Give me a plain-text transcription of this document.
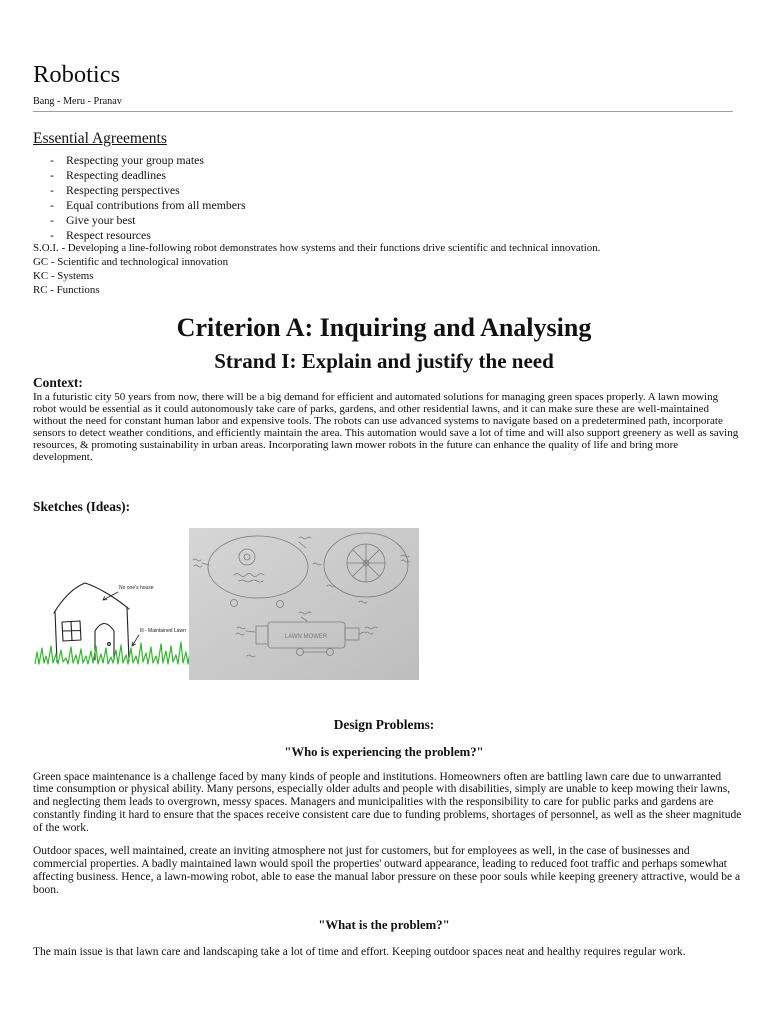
Robotics
Bang - Meru - Pranav
Essential Agreements
- Respecting your group mates
- Respecting deadlines
- Respecting perspectives
- Equal contributions from all members
- Give your best
- Respect resources
S.O.I. - Developing a line-following robot demonstrates how systems and their functions drive scientific and technical innovation.
GC - Scientific and technological innovation
KC - Systems
RC - Functions
Criterion A: Inquiring and Analysing
Strand I: Explain and justify the need
Context:
In a futuristic city 50 years from now, there will be a big demand for efficient and automated solutions for managing green spaces properly. A lawn mowing
robot would be essential as it could autonomously take care of parks, gardens, and other residential lawns, and it can make sure these are well-maintained
without the need for constant human labor and expensive tools. The robots can use advanced systems to navigate based on a predetermined path, incorporate
sensors to detect weather conditions, and efficiently maintain the area. This automation would save a lot of time and will also support greenery as well as saving
resources, & promoting sustainability in urban areas. Incorporating lawn mower robots in the future can enhance the quality of life and bring more
development.
Sketches (Ideas):
No one's house
Ill - Maintained Lawn
LAWN MOWER
Design Problems:
"Who is experiencing the problem?"
Green space maintenance is a challenge faced by many kinds of people and institutions. Homeowners often are battling lawn care due to unwarranted
time consumption or physical ability. Many persons, especially older adults and people with disabilities, simply are unable to keep mowing their lawns,
and neglecting them leads to overgrown, messy spaces. Managers and municipalities with the responsibility to care for public parks and gardens are
constantly finding it hard to ensure that the spaces receive consistent care due to funding problems, shortages of personnel, as well as the sheer magnitude
of the work.
Outdoor spaces, well maintained, create an inviting atmosphere not just for customers, but for employees as well, in the case of businesses and
commercial properties. A badly maintained lawn would spoil the properties' outward appearance, leading to reduced foot traffic and perhaps somewhat
affecting business. Hence, a lawn-mowing robot, able to ease the manual labor pressure on these poor souls while keeping greenery attractive, would be a
boon.
"What is the problem?"
The main issue is that lawn care and landscaping take a lot of time and effort. Keeping outdoor spaces neat and healthy requires regular work.
